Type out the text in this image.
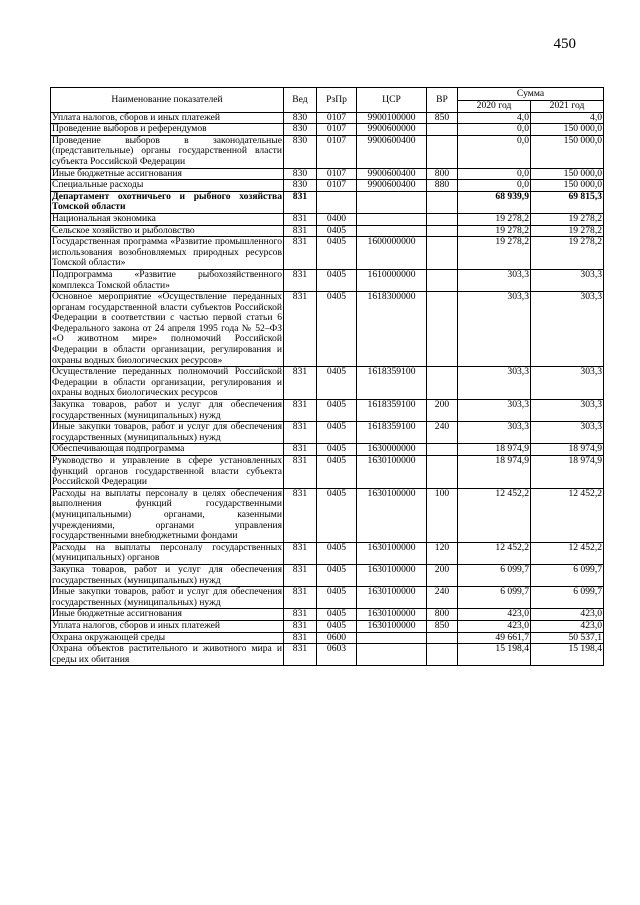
450
Наименование показателей	Вед	РзПр	ЦСР	ВР	Сумма	
					2020 год	2021 год
Уплата налогов, сборов и иных платежей	830	0107	9900100000	850	4,0	4,0
Проведение выборов и референдумов	830	0107	9900600000		0,0	150 000,0
Проведение выборов в законодательные (представительные) органы государственной власти субъекта Российской Федерации	830	0107	9900600400		0,0	150 000,0
Иные бюджетные ассигнования	830	0107	9900600400	800	0,0	150 000,0
Специальные расходы	830	0107	9900600400	880	0,0	150 000,0
Департамент охотничьего и рыбного хозяйства Томской области	831				68 939,9	69 815,3
Национальная экономика	831	0400			19 278,2	19 278,2
Сельское хозяйство и рыболовство	831	0405			19 278,2	19 278,2
Государственная программа «Развитие промышленного использования возобновляемых природных ресурсов Томской области»	831	0405	1600000000		19 278,2	19 278,2
Подпрограмма «Развитие рыбохозяйственного комплекса Томской области»	831	0405	1610000000		303,3	303,3
Основное мероприятие «Осуществление переданных органам государственной власти субъектов Российской Федерации в соответствии с частью первой статьи 6 Федерального закона от 24 апреля 1995 года № 52–ФЗ «О животном мире» полномочий Российской Федерации в области организации, регулирования и охраны водных биологических ресурсов»	831	0405	1618300000		303,3	303,3
Осуществление переданных полномочий Российской Федерации в области организации, регулирования и охраны водных биологических ресурсов	831	0405	1618359100		303,3	303,3
Закупка товаров, работ и услуг для обеспечения государственных (муниципальных) нужд	831	0405	1618359100	200	303,3	303,3
Иные закупки товаров, работ и услуг для обеспечения государственных (муниципальных) нужд	831	0405	1618359100	240	303,3	303,3
Обеспечивающая подпрограмма	831	0405	1630000000		18 974,9	18 974,9
Руководство и управление в сфере установленных функций органов государственной власти субъекта Российской Федерации	831	0405	1630100000		18 974,9	18 974,9
Расходы на выплаты персоналу в целях обеспечения выполнения функций государственными (муниципальными) органами, казенными учреждениями, органами управления государственными внебюджетными фондами	831	0405	1630100000	100	12 452,2	12 452,2
Расходы на выплаты персоналу государственных (муниципальных) органов	831	0405	1630100000	120	12 452,2	12 452,2
Закупка товаров, работ и услуг для обеспечения государственных (муниципальных) нужд	831	0405	1630100000	200	6 099,7	6 099,7
Иные закупки товаров, работ и услуг для обеспечения государственных (муниципальных) нужд	831	0405	1630100000	240	6 099,7	6 099,7
Иные бюджетные ассигнования	831	0405	1630100000	800	423,0	423,0
Уплата налогов, сборов и иных платежей	831	0405	1630100000	850	423,0	423,0
Охрана окружающей среды	831	0600			49 661,7	50 537,1
Охрана объектов растительного и животного мира и среды их обитания	831	0603			15 198,4	15 198,4
